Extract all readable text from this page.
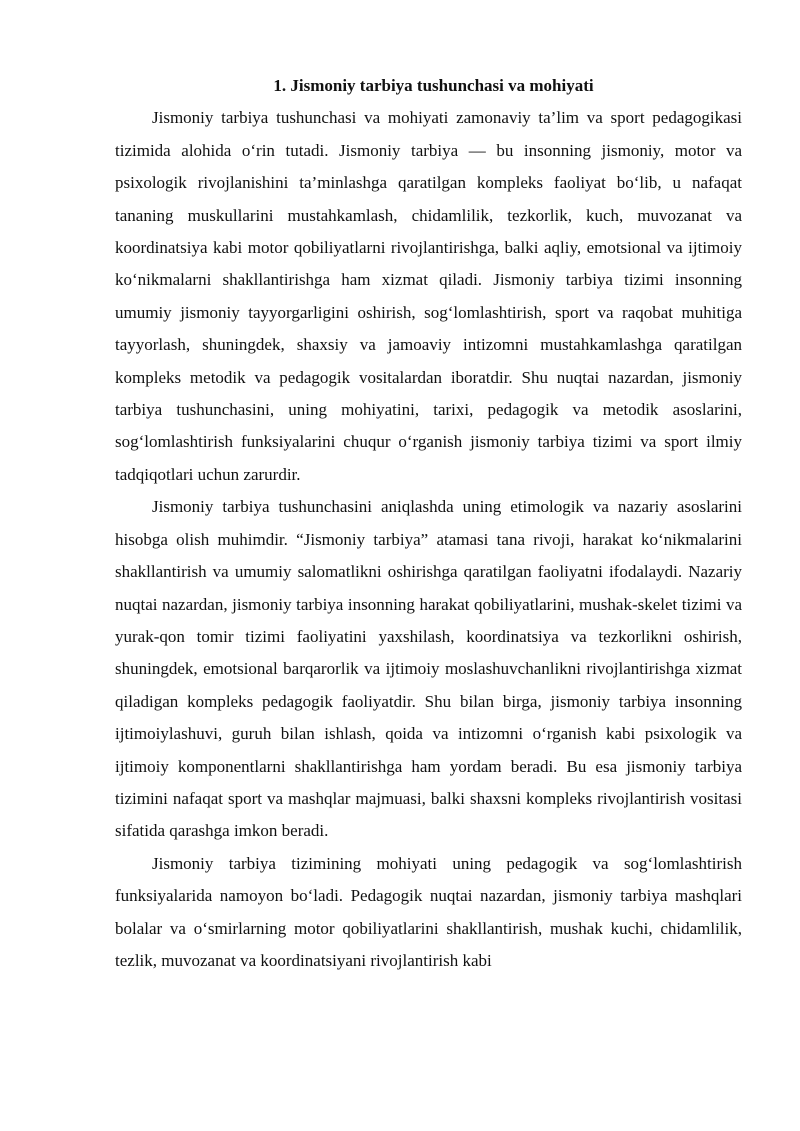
1. Jismoniy tarbiya tushunchasi va mohiyati

Jismoniy tarbiya tushunchasi va mohiyati zamonaviy ta’lim va sport pedagogikasi tizimida alohida o‘rin tutadi. Jismoniy tarbiya — bu insonning jismoniy, motor va psixologik rivojlanishini ta’minlashga qaratilgan kompleks faoliyat bo‘lib, u nafaqat tananing muskullarini mustahkamlash, chidamlilik, tezkorlik, kuch, muvozanat va koordinatsiya kabi motor qobiliyatlarni rivojlantirishga, balki aqliy, emotsional va ijtimoiy ko‘nikmalarni shakllantirishga ham xizmat qiladi. Jismoniy tarbiya tizimi insonning umumiy jismoniy tayyorgarligini oshirish, sog‘lomlashtirish, sport va raqobat muhitiga tayyorlash, shuningdek, shaxsiy va jamoaviy intizomni mustahkamlashga qaratilgan kompleks metodik va pedagogik vositalardan iboratdir. Shu nuqtai nazardan, jismoniy tarbiya tushunchasini, uning mohiyatini, tarixi, pedagogik va metodik asoslarini, sog‘lomlashtirish funksiyalarini chuqur o‘rganish jismoniy tarbiya tizimi va sport ilmiy tadqiqotlari uchun zarurdir.

Jismoniy tarbiya tushunchasini aniqlashda uning etimologik va nazariy asoslarini hisobga olish muhimdir. “Jismoniy tarbiya” atamasi tana rivoji, harakat ko‘nikmalarini shakllantirish va umumiy salomatlikni oshirishga qaratilgan faoliyatni ifodalaydi. Nazariy nuqtai nazardan, jismoniy tarbiya insonning harakat qobiliyatlarini, mushak-skelet tizimi va yurak-qon tomir tizimi faoliyatini yaxshilash, koordinatsiya va tezkorlikni oshirish, shuningdek, emotsional barqarorlik va ijtimoiy moslashuvchanlikni rivojlantirishga xizmat qiladigan kompleks pedagogik faoliyatdir. Shu bilan birga, jismoniy tarbiya insonning ijtimoiylashuvi, guruh bilan ishlash, qoida va intizomni o‘rganish kabi psixologik va ijtimoiy komponentlarni shakllantirishga ham yordam beradi. Bu esa jismoniy tarbiya tizimini nafaqat sport va mashqlar majmuasi, balki shaxsni kompleks rivojlantirish vositasi sifatida qarashga imkon beradi.

Jismoniy tarbiya tizimining mohiyati uning pedagogik va sog‘lomlashtirish funksiyalarida namoyon bo‘ladi. Pedagogik nuqtai nazardan, jismoniy tarbiya mashqlari bolalar va o‘smirlarning motor qobiliyatlarini shakllantirish, mushak kuchi, chidamlilik, tezlik, muvozanat va koordinatsiyani rivojlantirish kabi
